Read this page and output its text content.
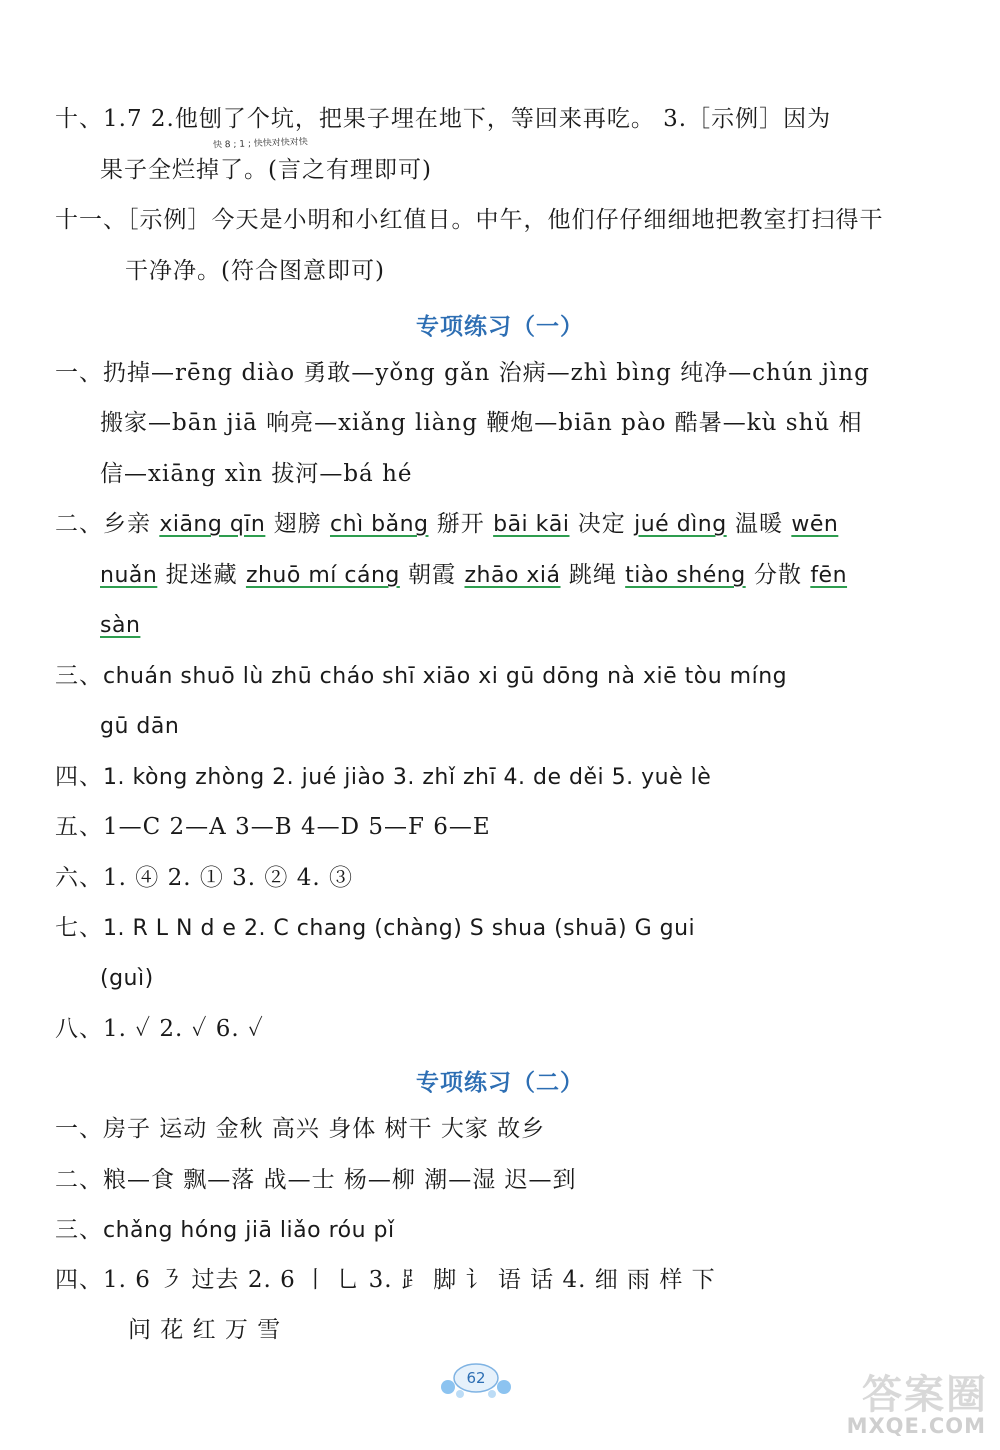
十、1.7 2.他刨了个坑，把果子埋在地下，等回来再吃。 3.［示例］因为
快 8 ; 1 ; 快快对快对快
果子全烂掉了。(言之有理即可)
十一、［示例］今天是小明和小红值日。中午，他们仔仔细细地把教室打扫得干
干净净。(符合图意即可)
专项练习（一）
一、扔掉—rēng diào 勇敢—yǒng gǎn 治病—zhì bìng 纯净—chún jìng
搬家—bān jiā 响亮—xiǎng liàng 鞭炮—biān pào 酷暑—kù shǔ 相
信—xiāng xìn 拔河—bá hé
二、乡亲 xiāng qīn 翅膀 chì bǎng 掰开 bāi kāi 决定 jué dìng 温暖 wēn
nuǎn 捉迷藏 zhuō mí cáng 朝霞 zhāo xiá 跳绳 tiào shéng 分散 fēn
sàn
三、chuán shuō lù zhū cháo shī xiāo xi gū dōng nà xiē tòu míng
gū dān
四、1. kòng zhòng 2. jué jiào 3. zhǐ zhī 4. de děi 5. yuè lè
五、1—C 2—A 3—B 4—D 5—F 6—E
六、1. ④ 2. ① 3. ② 4. ③
七、1. R L N d e 2. C chang (chàng) S shua (shuā) G gui
(guì)
八、1. ✓ 2. ✓ 6. ✓
专项练习（二）
一、房子 运动 金秋 高兴 身体 树干 大家 故乡
二、粮—食 飘—落 战—士 杨—柳 潮—湿 迟—到
三、chǎng hóng jiā liǎo róu pǐ
四、1. 6 ㇋ 过去 2. 6 丨 乚 3. ⻊ 脚 讠 语 话 4. 细 雨 样 下
问 花 红 万 雪
62	答案圈
MXQE.COM
